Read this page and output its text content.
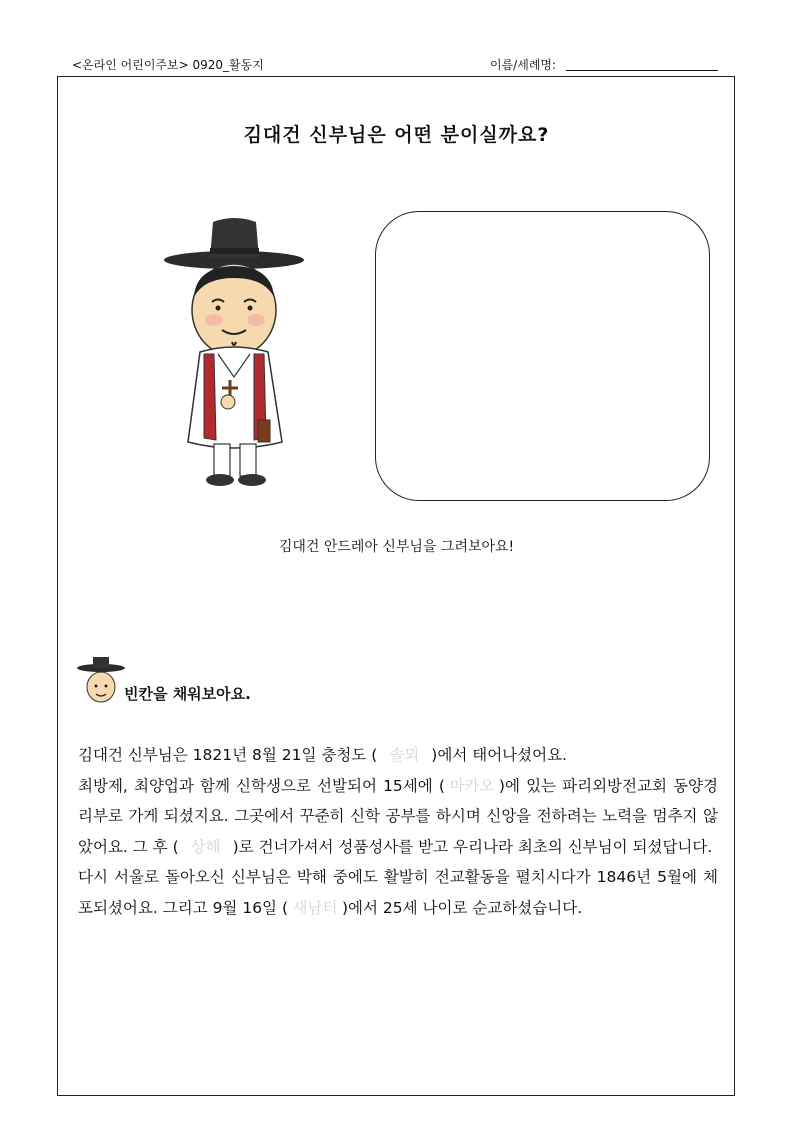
<온라인 어린이주보> 0920_활동지	이름/세례명:
김대건 신부님은 어떤 분이실까요?
김대건 안드레아 신부님을 그려보아요!
빈칸을 채워보아요.

김대건 신부님은 1821년 8월 21일 충청도 ( 솔뫼 )에서 태어나셨어요.

최방제, 최양업과 함께 신학생으로 선발되어 15세에 ( 마카오 )에 있는 파리외방전교회 동양경리부로 가게 되셨지요. 그곳에서 꾸준히 신학 공부를 하시며 신앙을 전하려는 노력을 멈추지 않았어요. 그 후 ( 상해 )로 건너가셔서 성품성사를 받고 우리나라 최초의 신부님이 되셨답니다.

다시 서울로 돌아오신 신부님은 박해 중에도 활발히 전교활동을 펼치시다가 1846년 5월에 체포되셨어요. 그리고 9월 16일 ( 새남터 )에서 25세 나이로 순교하셨습니다.
